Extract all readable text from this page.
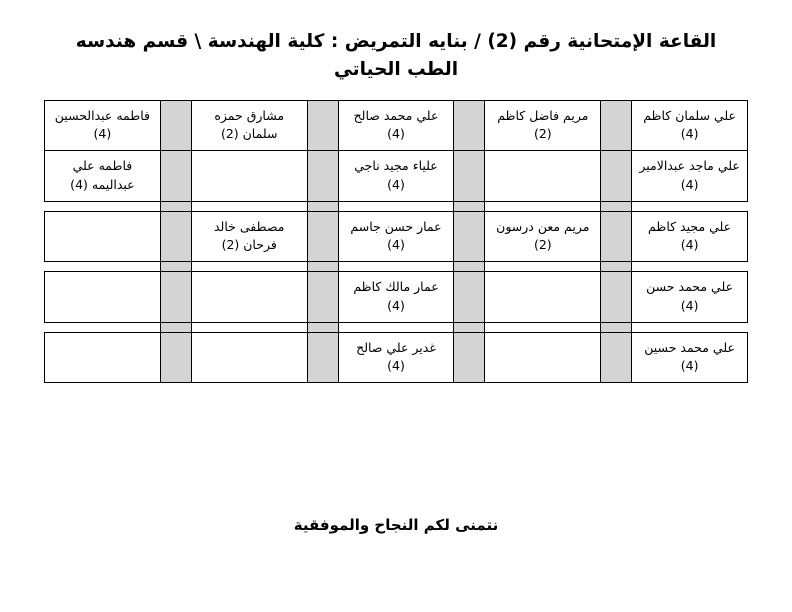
القاعة الإمتحانية رقم (2) / بنايه التمريض : كلية الهندسة \ قسم هندسه الطب الحياتي
علي سلمان كاظم (4)		مريم فاضل كاظم (2)		علي محمد صالح (4)		مشارق حمزه سلمان (2)		فاطمه عبدالحسين (4)
علي ماجد عبدالامير (4)				علياء مجيد ناجي (4)				فاطمه علي عبداليمه (4)

علي مجيد كاظم (4)		مريم معن درسون (2)		عمار حسن جاسم (4)		مصطفى خالد فرحان (2)		

علي محمد حسن (4)				عمار مالك كاظم (4)				

علي محمد حسين (4)				غدير علي صالح (4)				
نتمنى لكم النجاح والموفقية
